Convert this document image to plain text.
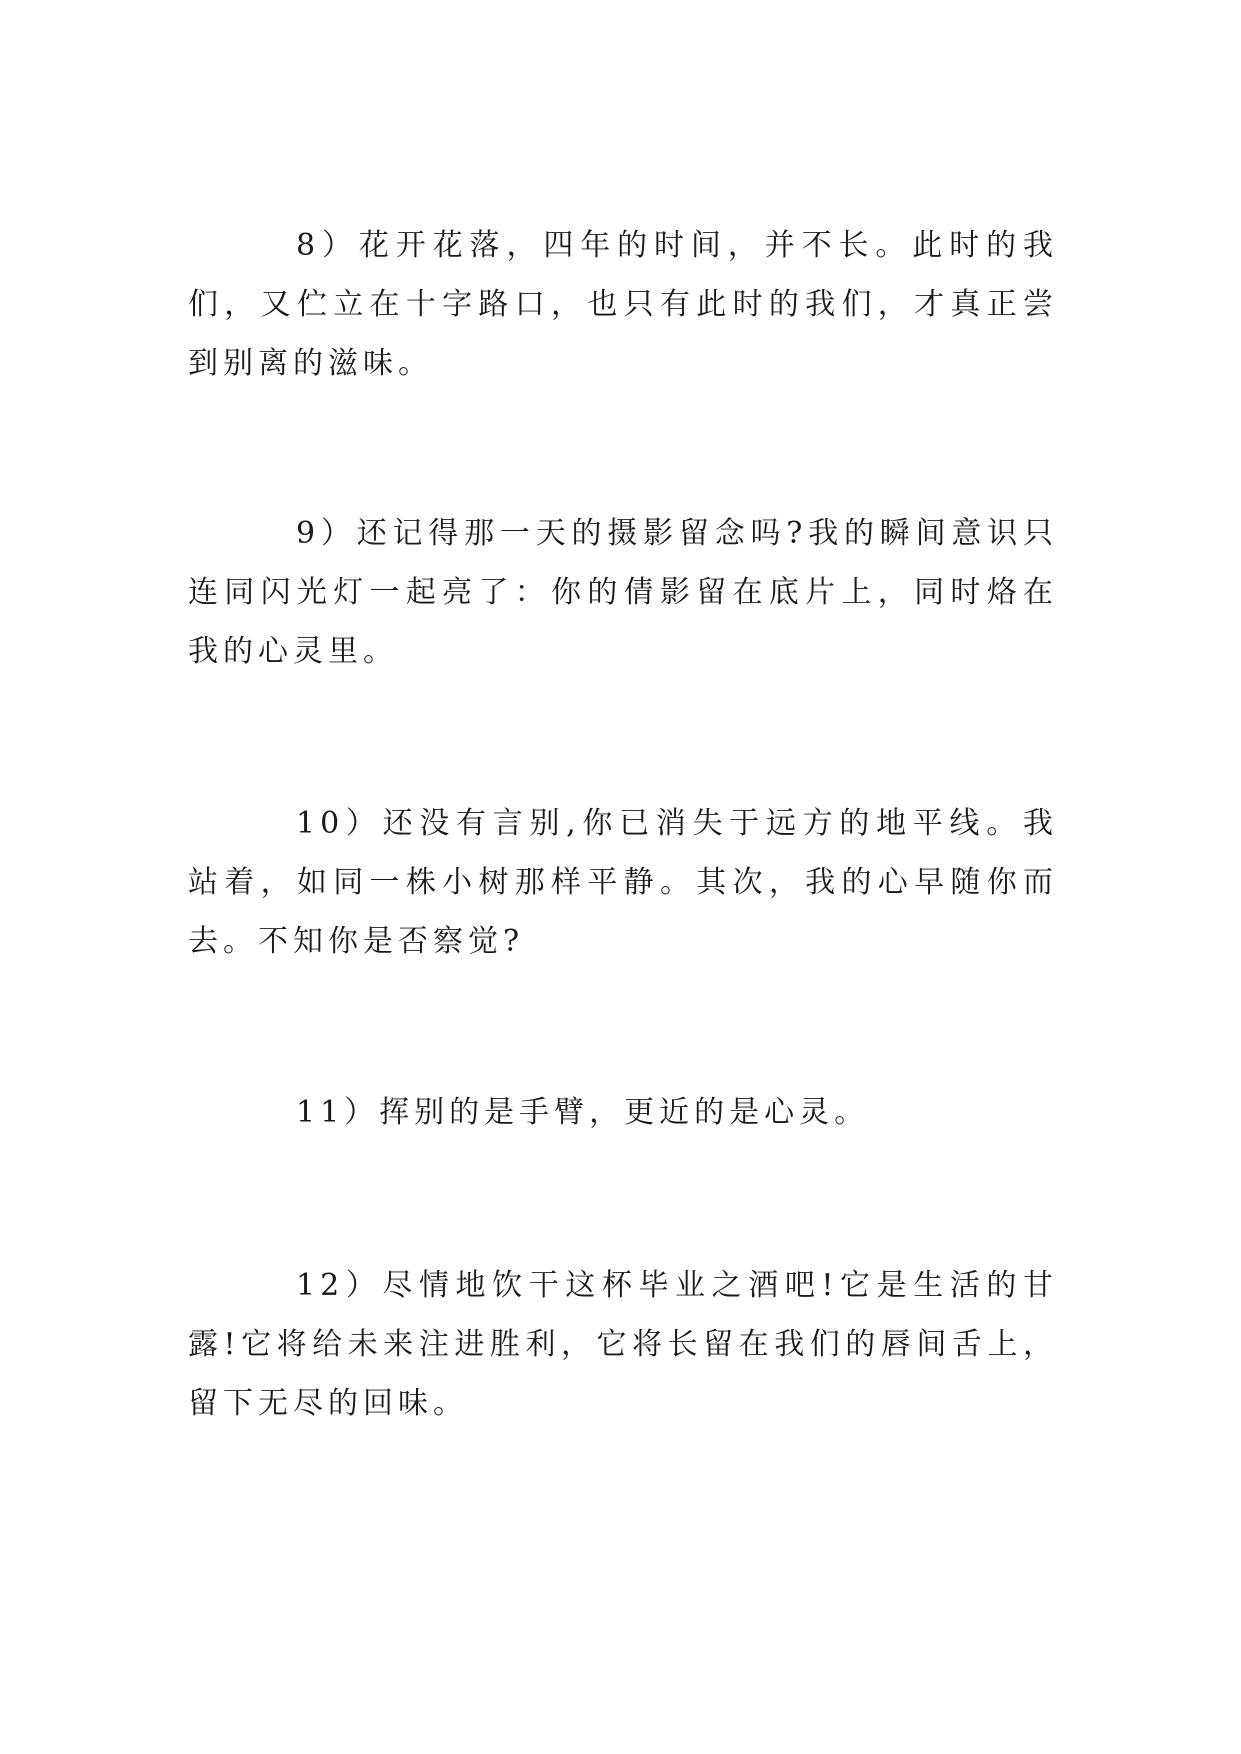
8）花开花落，四年的时间，并不长。此时的我们，又伫立在十字路口，也只有此时的我们，才真正尝到别离的滋味。

9）还记得那一天的摄影留念吗?我的瞬间意识只连同闪光灯一起亮了：你的倩影留在底片上，同时烙在我的心灵里。

10）还没有言别,你已消失于远方的地平线。我站着，如同一株小树那样平静。其次，我的心早随你而去。不知你是否察觉?

11）挥别的是手臂，更近的是心灵。

12）尽情地饮干这杯毕业之酒吧!它是生活的甘露!它将给未来注进胜利，它将长留在我们的唇间舌上，留下无尽的回味。
